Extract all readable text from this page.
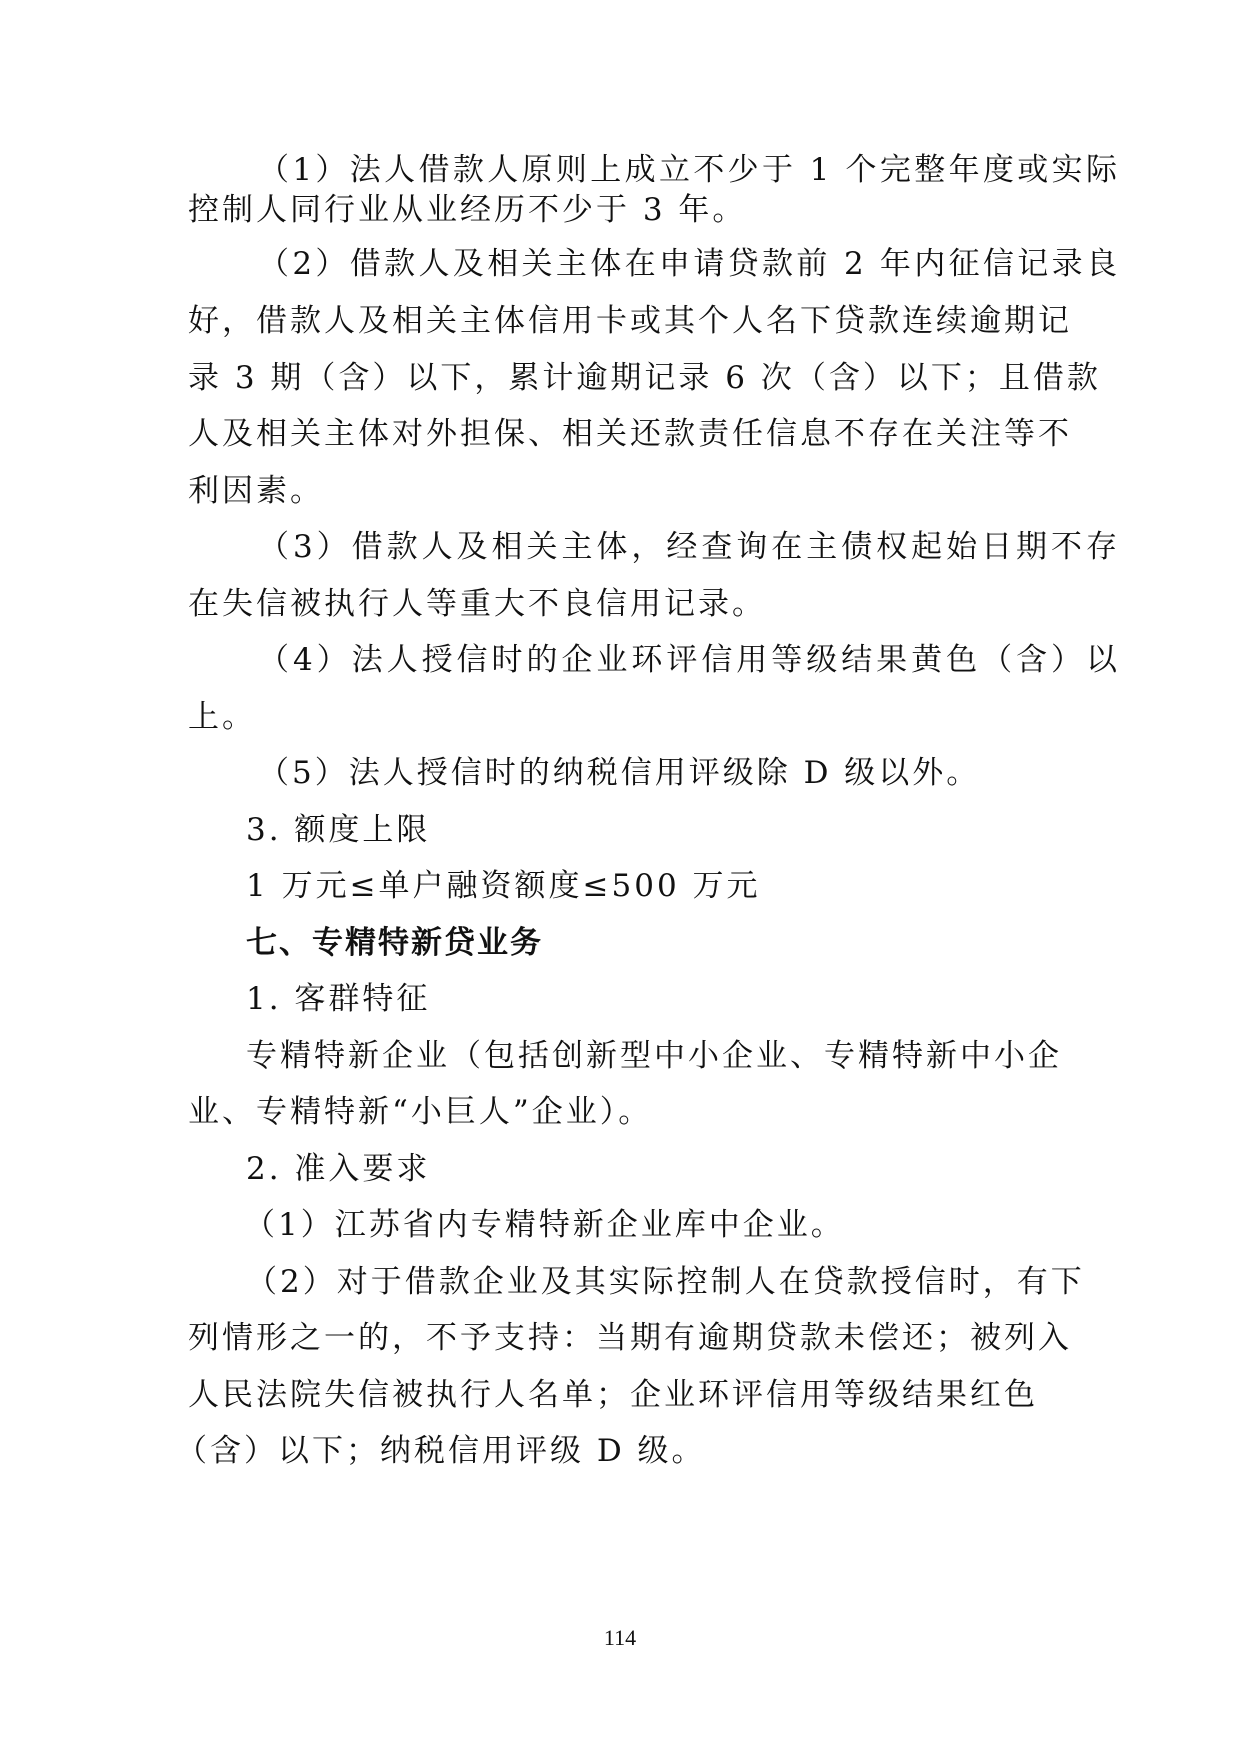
（1）法人借款人原则上成立不少于 1 个完整年度或实际
控制人同行业从业经历不少于 3 年。
（2）借款人及相关主体在申请贷款前 2 年内征信记录良
好，借款人及相关主体信用卡或其个人名下贷款连续逾期记
录 3 期（含）以下，累计逾期记录 6 次（含）以下；且借款
人及相关主体对外担保、相关还款责任信息不存在关注等不
利因素。
（3）借款人及相关主体，经查询在主债权起始日期不存
在失信被执行人等重大不良信用记录。
（4）法人授信时的企业环评信用等级结果黄色（含）以
上。
（5）法人授信时的纳税信用评级除 D 级以外。
3. 额度上限
1 万元≤单户融资额度≤500 万元
七、专精特新贷业务
1. 客群特征
专精特新企业（包括创新型中小企业、专精特新中小企
业、专精特新“小巨人”企业）。
2. 准入要求
（1）江苏省内专精特新企业库中企业。
（2）对于借款企业及其实际控制人在贷款授信时，有下
列情形之一的，不予支持：当期有逾期贷款未偿还；被列入
人民法院失信被执行人名单；企业环评信用等级结果红色
（含）以下；纳税信用评级 D 级。
114
